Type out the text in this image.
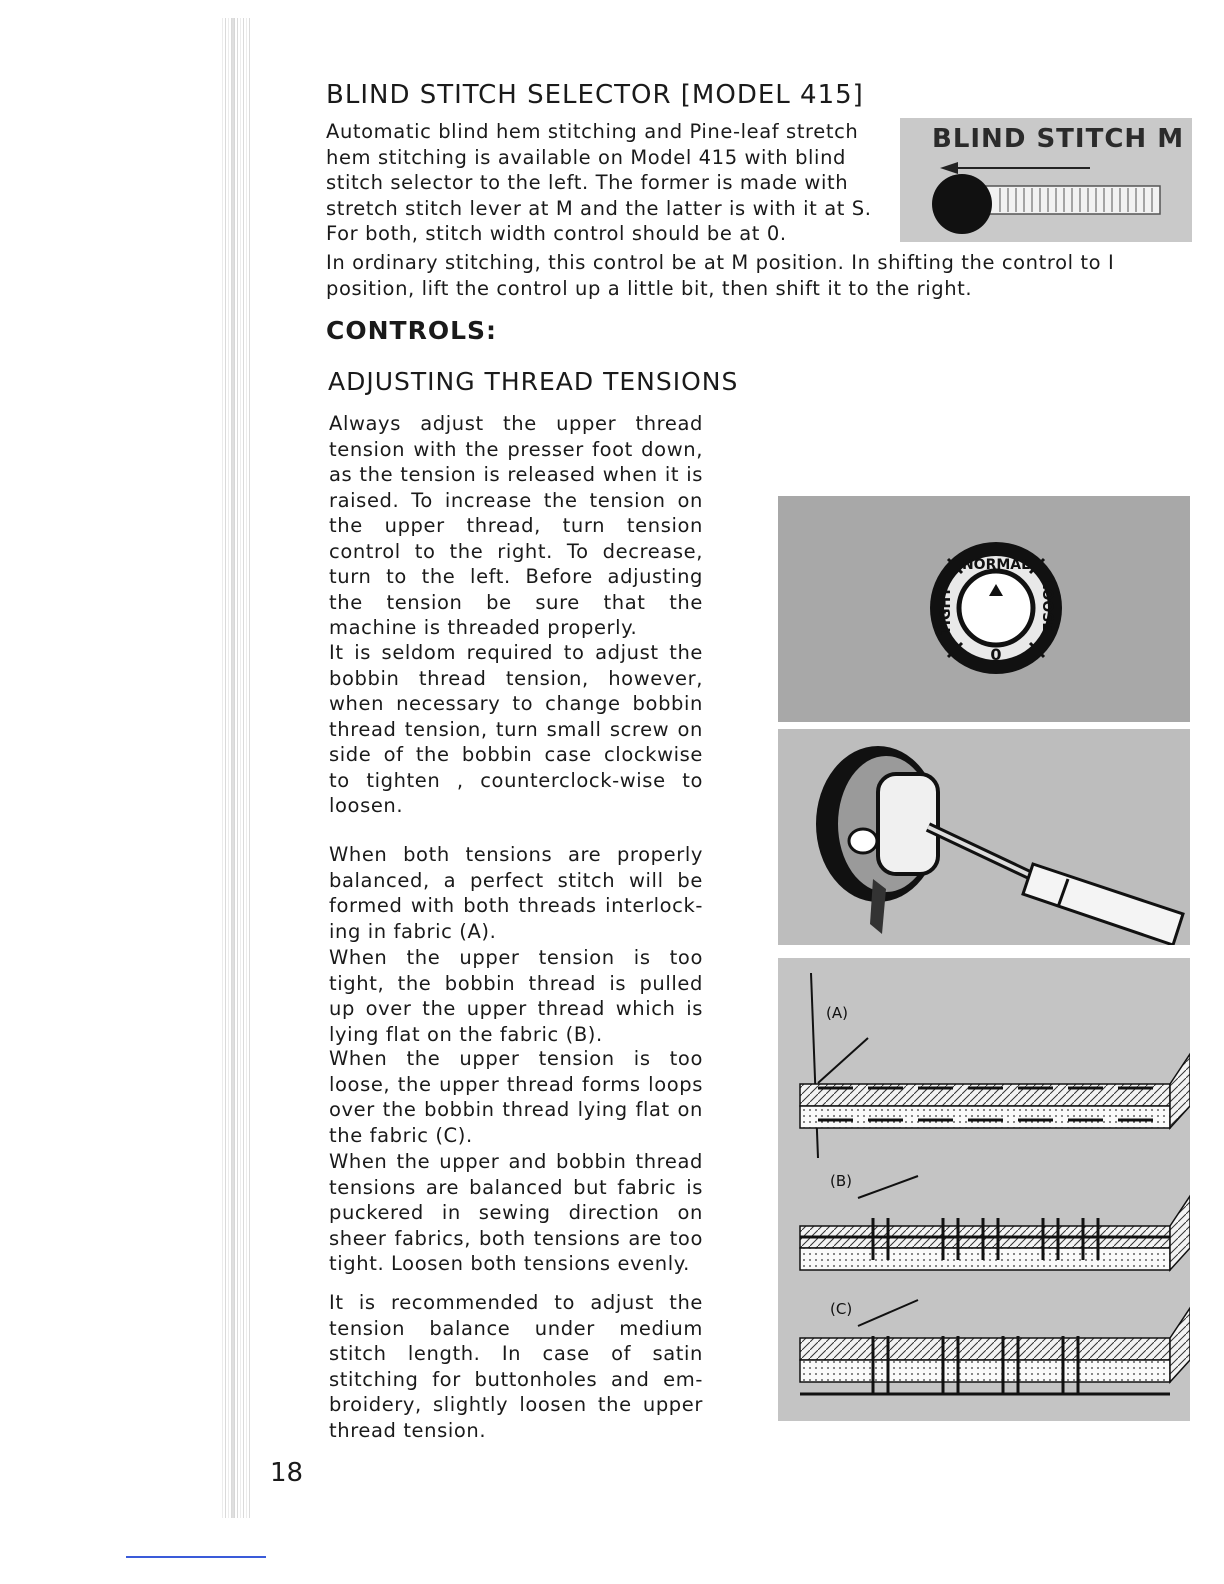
BLIND STITCH SELECTOR [MODEL 415]

Automatic blind hem stitching and Pine-leaf stretch hem stitching is available on Model 415 with blind stitch selector to the left. The former is made with stretch stitch lever at M and the latter is with it at S. For both, stitch width control should be at 0.

In ordinary stitching, this control be at M position. In shifting the control to I position, lift the control up a little bit, then shift it to the right.

BLIND STITCH M
CONTROLS:
ADJUSTING THREAD TENSIONS

Always adjust the upper thread tension with the presser foot down, as the tension is released when it is raised. To increase the tension on the upper thread, turn tension control to the right. To decrease, turn to the left. Before adjusting the tension be sure that the machine is threaded properly.

It is seldom required to adjust the bobbin thread tension, however, when necessary to change bobbin thread tension, turn small screw on side of the bobbin case clockwise to tighten , counterclock-wise to loosen.

When both tensions are properly balanced, a perfect stitch will be formed with both threads interlock-ing in fabric (A).

When the upper tension is too tight, the bobbin thread is pulled up over the upper thread which is lying flat on the fabric (B).

When the upper tension is too loose, the upper thread forms loops over the bobbin thread lying flat on the fabric (C).

When the upper and bobbin thread tensions are balanced but fabric is puckered in sewing direction on sheer fabrics, both tensions are too tight. Loosen both tensions evenly.

It is recommended to adjust the tension balance under medium stitch length. In case of satin stitching for buttonholes and em-broidery, slightly loosen the upper thread tension.

NORMAL
TIGHT	LOOSE
0
(A)
(B)
(C)
18
